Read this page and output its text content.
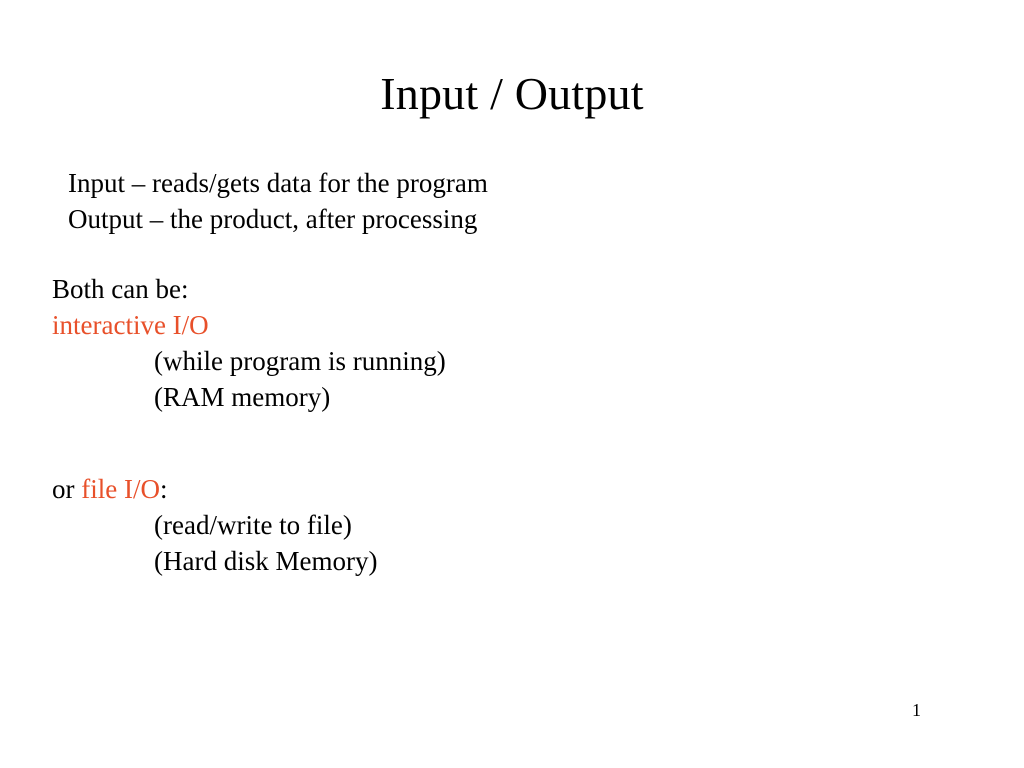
Input / Output
Input – reads/gets data for the program
Output – the product, after processing
Both can be:
interactive I/O
(while program is running)
(RAM memory)
or file I/O:
(read/write to file)
(Hard disk Memory)
1
